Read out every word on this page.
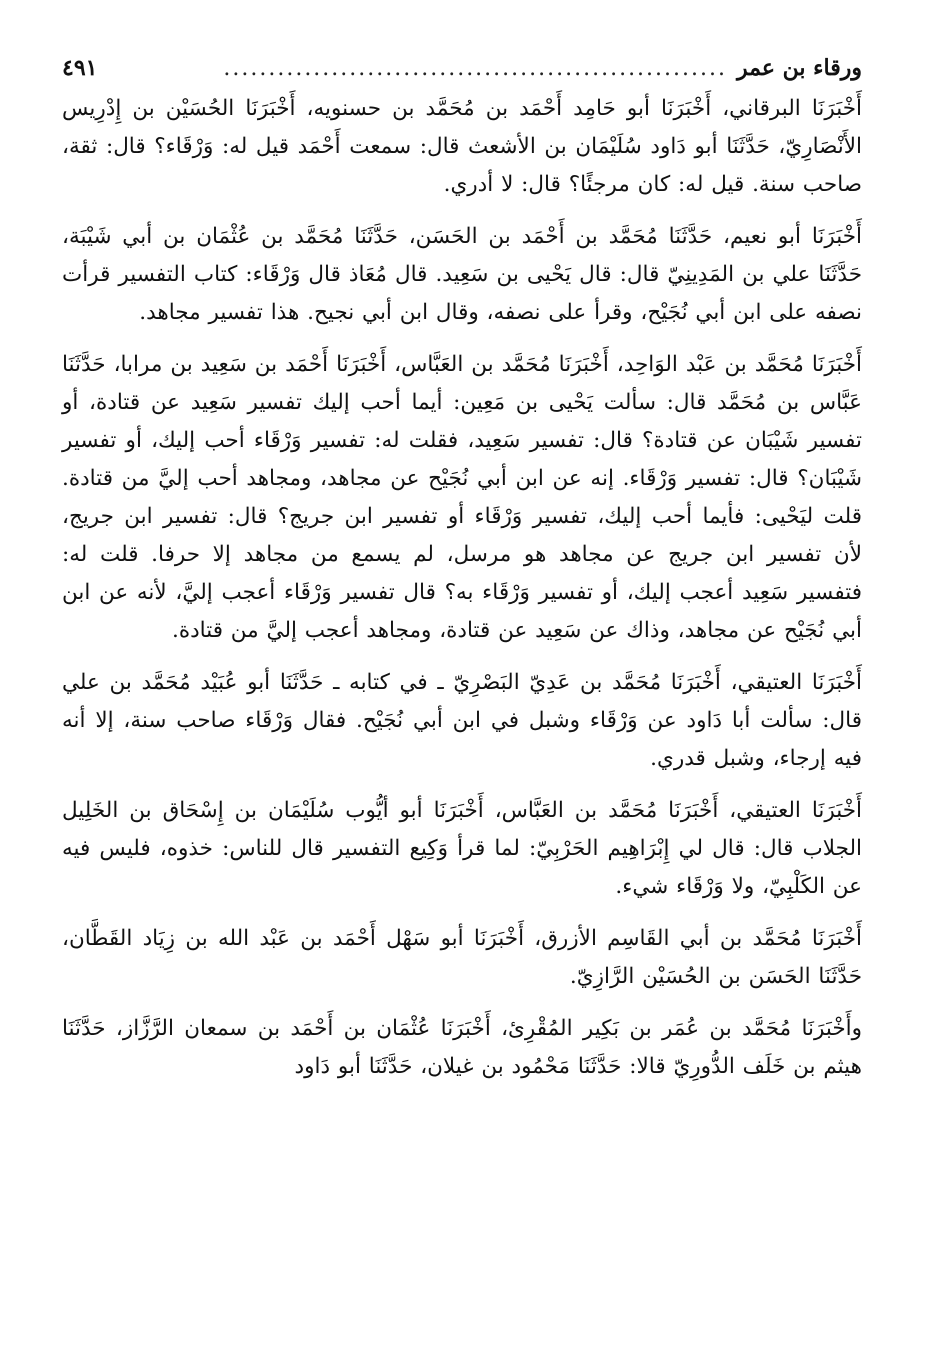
ورقاء بن عمر
........................................................
٤٩١

أَخْبَرَنَا البرقاني، أَخْبَرَنَا أبو حَامِد أَحْمَد بن مُحَمَّد بن حسنويه، أَخْبَرَنَا الحُسَيْن بن إِدْرِيس الأَنْصَارِيّ، حَدَّثَنَا أبو دَاود سُلَيْمَان بن الأشعث قال: سمعت أَحْمَد قيل له: وَرْقَاء؟ قال: ثقة، صاحب سنة. قيل له: كان مرجئًا؟ قال: لا أدري.

أَخْبَرَنَا أبو نعيم، حَدَّثَنَا مُحَمَّد بن أَحْمَد بن الحَسَن، حَدَّثَنَا مُحَمَّد بن عُثْمَان بن أبي شَيْبَة، حَدَّثَنَا علي بن المَدِينِيّ قال: قال يَحْيى بن سَعِيد. قال مُعَاذ قال وَرْقَاء: كتاب التفسير قرأت نصفه على ابن أبي نُجَيْح، وقرأ على نصفه، وقال ابن أبي نجيح. هذا تفسير مجاهد.

أَخْبَرَنَا مُحَمَّد بن عَبْد الوَاحِد، أَخْبَرَنَا مُحَمَّد بن العَبَّاس، أَخْبَرَنَا أَحْمَد بن سَعِيد بن مرابا، حَدَّثَنَا عَبَّاس بن مُحَمَّد قال: سألت يَحْيى بن مَعِين: أيما أحب إليك تفسير سَعِيد عن قتادة، أو تفسير شَيْبَان عن قتادة؟ قال: تفسير سَعِيد، فقلت له: تفسير وَرْقَاء أحب إليك، أو تفسير شَيْبَان؟ قال: تفسير وَرْقَاء. إنه عن ابن أبي نُجَيْح عن مجاهد، ومجاهد أحب إليَّ من قتادة. قلت ليَحْيى: فأيما أحب إليك، تفسير وَرْقَاء أو تفسير ابن جريج؟ قال: تفسير ابن جريج، لأن تفسير ابن جريج عن مجاهد هو مرسل، لم يسمع من مجاهد إلا حرفا. قلت له: فتفسير سَعِيد أعجب إليك، أو تفسير وَرْقَاء به؟ قال تفسير وَرْقَاء أعجب إليَّ، لأنه عن ابن أبي نُجَيْح عن مجاهد، وذاك عن سَعِيد عن قتادة، ومجاهد أعجب إليَّ من قتادة.

أَخْبَرَنَا العتيقي، أَخْبَرَنَا مُحَمَّد بن عَدِيّ البَصْرِيّ ـ في كتابه ـ حَدَّثَنَا أبو عُبَيْد مُحَمَّد بن علي قال: سألت أبا دَاود عن وَرْقَاء وشبل في ابن أبي نُجَيْح. فقال وَرْقَاء صاحب سنة، إلا أنه فيه إرجاء، وشبل قدري.

أَخْبَرَنَا العتيقي، أَخْبَرَنَا مُحَمَّد بن العَبَّاس، أَخْبَرَنَا أبو أيُّوب سُلَيْمَان بن إِسْحَاق بن الخَلِيل الجلاب قال: قال لي إِبْرَاهِيم الحَرْبِيّ: لما قرأ وَكِيع التفسير قال للناس: خذوه، فليس فيه عن الكَلْبِيّ، ولا وَرْقَاء شيء.

أَخْبَرَنَا مُحَمَّد بن أبي القَاسِم الأزرق، أَخْبَرَنَا أبو سَهْل أَحْمَد بن عَبْد الله بن زِيَاد القَطَّان، حَدَّثَنَا الحَسَن بن الحُسَيْن الرَّازِيّ.

وأَخْبَرَنَا مُحَمَّد بن عُمَر بن بَكِير المُقْرِئ، أَخْبَرَنَا عُثْمَان بن أَحْمَد بن سمعان الرَّزَّاز، حَدَّثَنَا هيثم بن خَلَف الدُّورِيّ قالا: حَدَّثَنَا مَحْمُود بن غيلان، حَدَّثَنَا أبو دَاود
